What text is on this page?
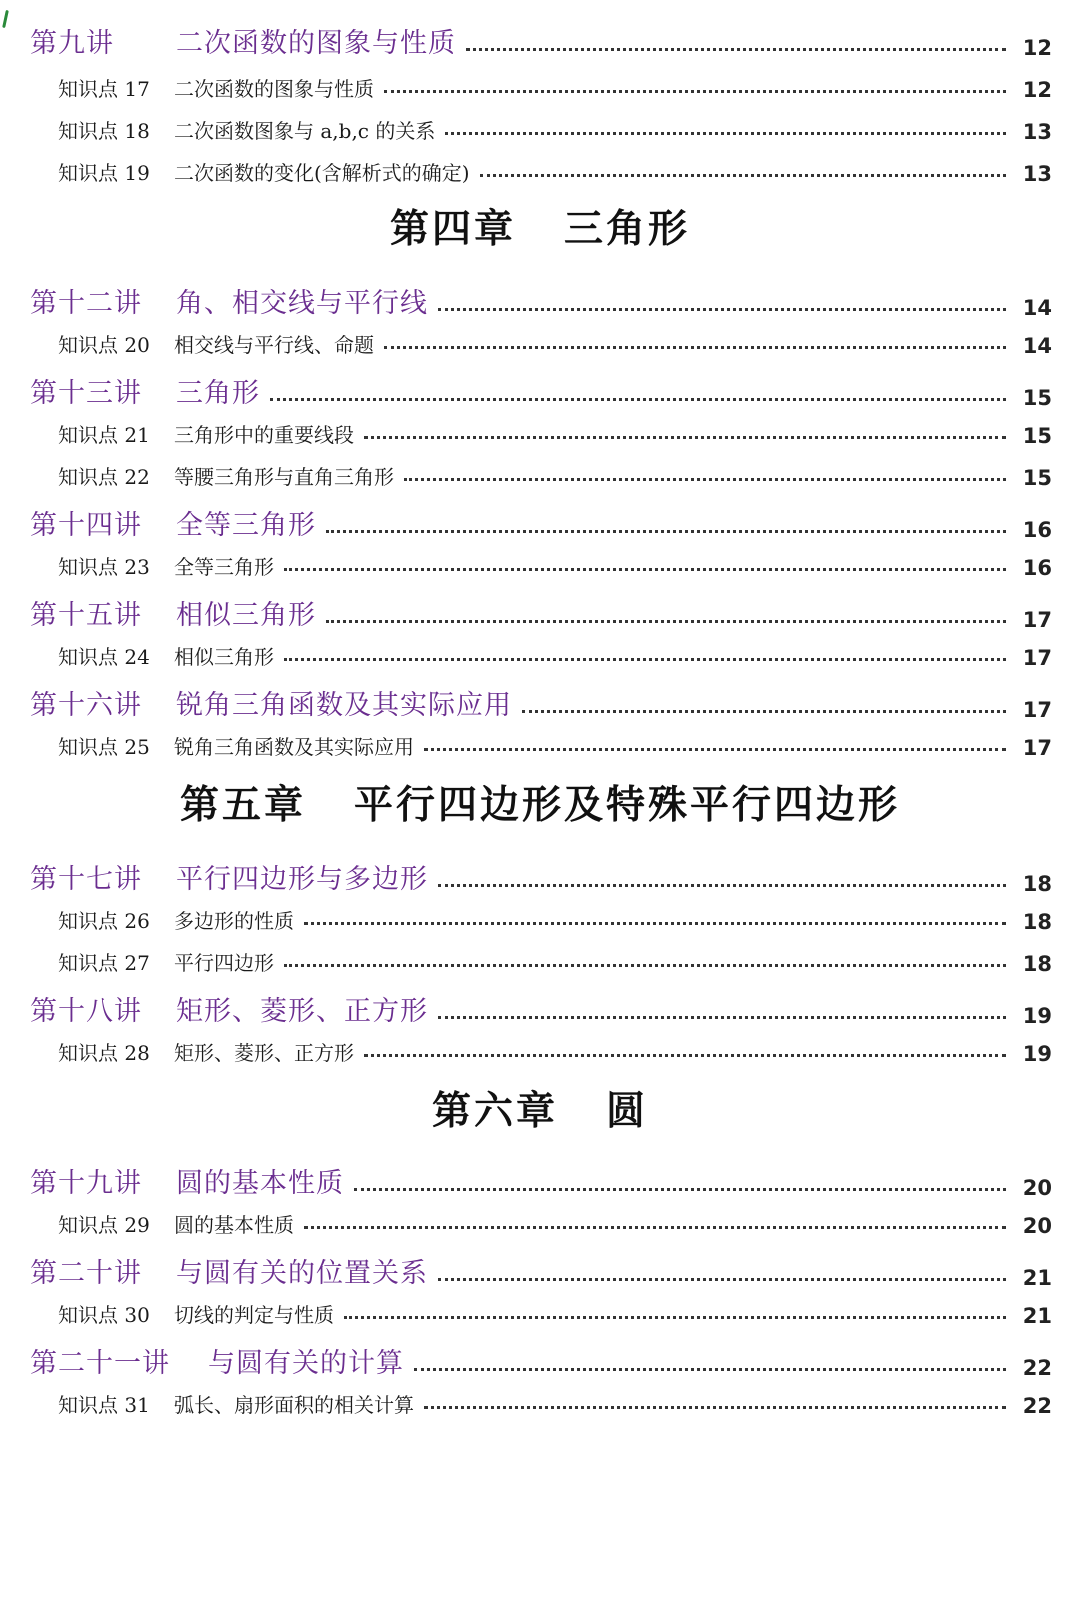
第九讲	二次函数的图象与性质	12
知识点 17	二次函数的图象与性质	12
知识点 18	二次函数图象与 a,b,c 的关系	13
知识点 19	二次函数的变化(含解析式的确定)	13
第四章 三角形
第十二讲	角、相交线与平行线	14
知识点 20	相交线与平行线、命题	14
第十三讲	三角形	15
知识点 21	三角形中的重要线段	15
知识点 22	等腰三角形与直角三角形	15
第十四讲	全等三角形	16
知识点 23	全等三角形	16
第十五讲	相似三角形	17
知识点 24	相似三角形	17
第十六讲	锐角三角函数及其实际应用	17
知识点 25	锐角三角函数及其实际应用	17
第五章 平行四边形及特殊平行四边形
第十七讲	平行四边形与多边形	18
知识点 26	多边形的性质	18
知识点 27	平行四边形	18
第十八讲	矩形、菱形、正方形	19
知识点 28	矩形、菱形、正方形	19
第六章 圆
第十九讲	圆的基本性质	20
知识点 29	圆的基本性质	20
第二十讲	与圆有关的位置关系	21
知识点 30	切线的判定与性质	21
第二十一讲	与圆有关的计算	22
知识点 31	弧长、扇形面积的相关计算	22
